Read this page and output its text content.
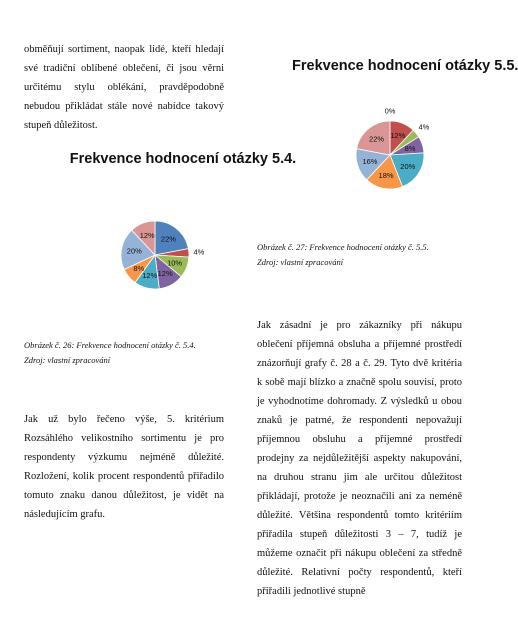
obměňují sortiment, naopak lidé, kteří hledají své tradiční oblíbené oblečení, či jsou věrni určitému stylu oblékání, pravděpodobně nebudou přikládat stále nové nabídce takový stupeň důležitost.

Frekvence hodnocení otázky 5.4.
22%
4%
10%
12%
12%
8%
20%
12%

Obrázek č. 26: Frekvence hodnocení otázky č. 5.4.

Zdroj: vlastní zpracování

Jak už bylo řečeno výše, 5. kritérium Rozsáhlého velikostního sortimentu je pro respondenty výzkumu nejméně důležité. Rozložení, kolik procent respondentů přiřadilo tomuto znaku danou důležitost, je vidět na následujícím grafu.

Frekvence hodnocení otázky 5.5.
0%
12%
4%
8%
20%
18%
16%
22%

Obrázek č. 27: Frekvence hodnocení otázky č. 5.5.

Zdroj: vlastní zpracování

Jak zásadní je pro zákazníky při nákupu oblečení příjemná obsluha a příjemné prostředí znázorňují grafy č. 28 a č. 29. Tyto dvě kritéria k sobě mají blízko a značně spolu souvisí, proto je vyhodnotíme dohromady. Z výsledků u obou znaků je patrné, že respondenti nepovažují příjemnou obsluhu a příjemné prostředí prodejny za nejdůležitější aspekty nakupování, na druhou stranu jim ale určitou důležitost přikládají, protože je neoznačili ani za neméně důležité. Většina respondentů tomto kritériím přiřadila stupeň důležitosti 3 – 7, tudíž je můžeme označit při nákupu oblečení za středně důležité. Relativní počty respondentů, kteří přiřadili jednotlivé stupně
